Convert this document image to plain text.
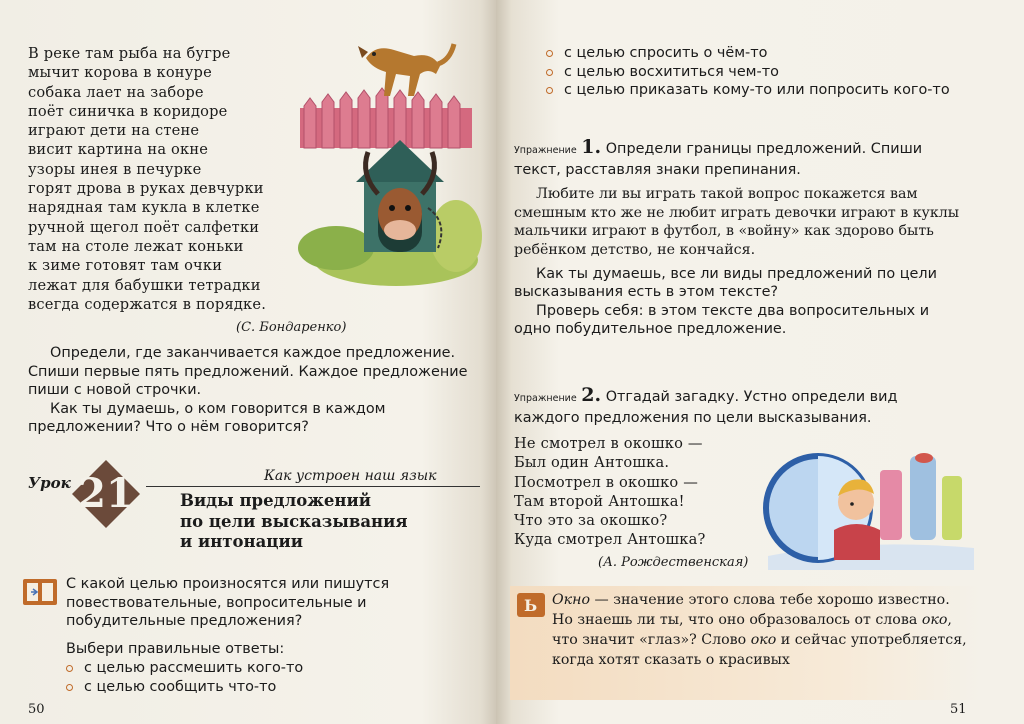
В реке там рыба на бугре
мычит корова в конуре
собака лает на заборе
поёт синичка в коридоре
играют дети на стене
висит картина на окне
узоры инея в печурке
горят дрова в руках девчурки
нарядная там кукла в клетке
ручной щегол поёт салфетки
там на столе лежат коньки
к зиме готовят там очки
лежат для бабушки тетрадки
всегда содержатся в порядке.
(С. Бондаренко)

Определи, где заканчивается каждое предложение. Спиши первые пять предложений. Каждое предложение пиши с новой строчки.

Как ты думаешь, о ком говорится в каждом предложении? Что о нём говорится?

Урок 21	Как устроен наш язык
Виды предложений
по цели высказывания
и интонации

С какой целью произносятся или пишутся повествовательные, вопросительные и побудительные предложения?

Выбери правильные ответы:
с целью рассмешить кого-то
с целью сообщить что-то
50
с целью спросить о чём-то
с целью восхититься чем-то
с целью приказать кому-то или попросить кого-то

Упражнение 1. Определи границы предложений. Спиши текст, расставляя знаки препинания.

Любите ли вы играть такой вопрос покажется вам смешным кто же не любит играть девочки играют в куклы мальчики играют в футбол, в «войну» как здорово быть ребёнком детство, не кончайся.

Как ты думаешь, все ли виды предложений по цели высказывания есть в этом тексте?

Проверь себя: в этом тексте два вопросительных и одно побудительное предложение.

Упражнение 2. Отгадай загадку. Устно определи вид каждого предложения по цели высказывания.

Не смотрел в окошко —
Был один Антошка.
Посмотрел в окошко —
Там второй Антошка!
Что это за окошко?
Куда смотрел Антошка?
(А. Рождественская)
Ь Окно — значение этого слова тебе хорошо известно. Но знаешь ли ты, что оно образовалось от слова око, что значит «глаз»? Слово око и сейчас употребляется, когда хотят сказать о красивых

51
